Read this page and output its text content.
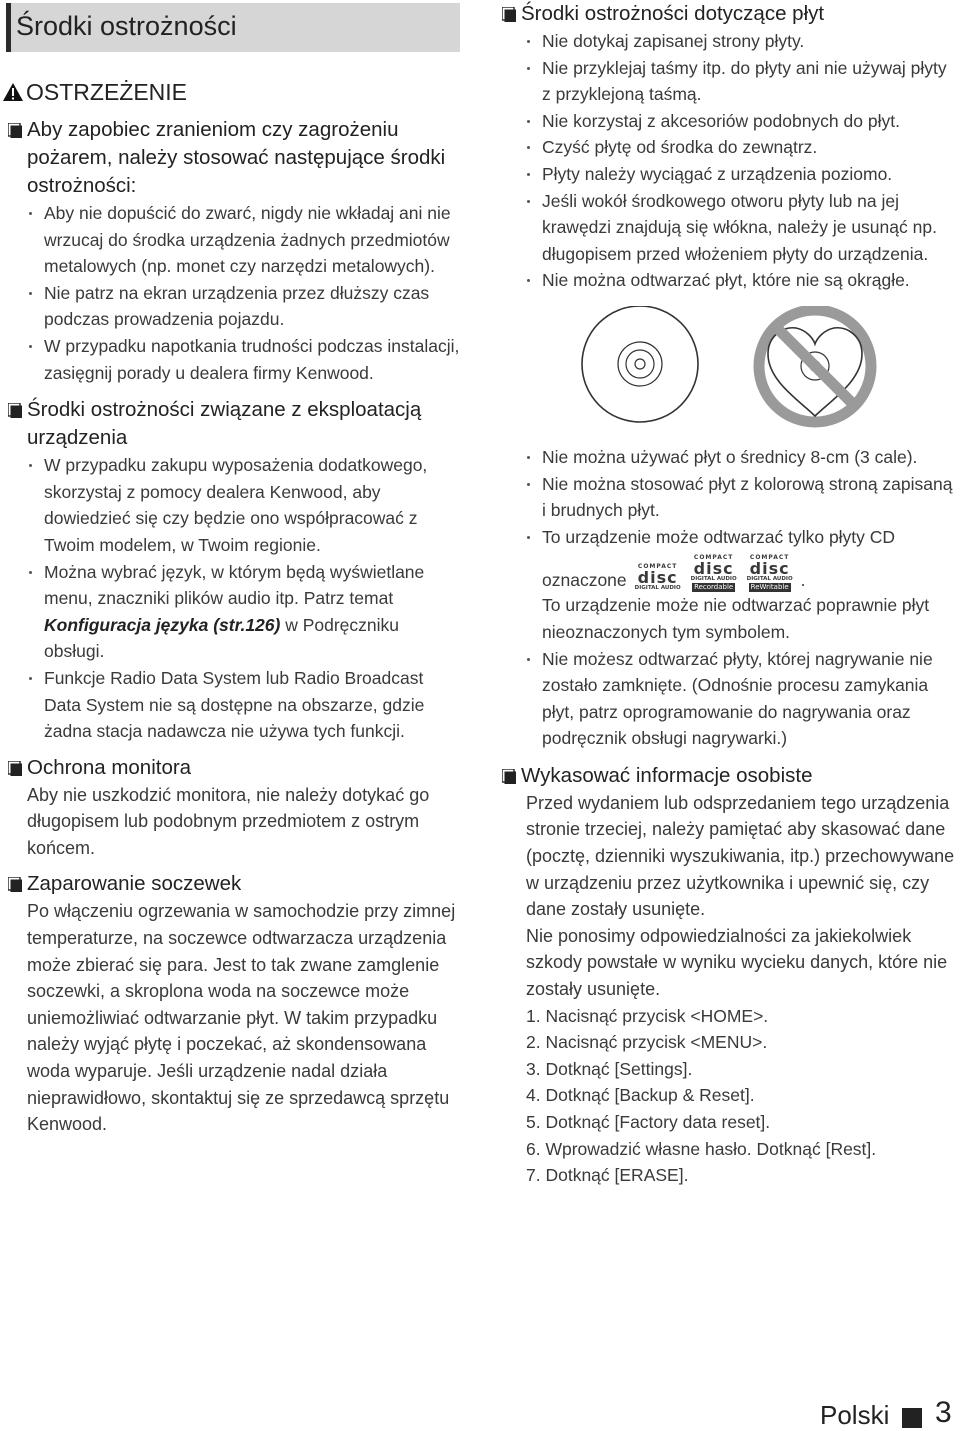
Środki ostrożności
OSTRZEŻENIE
Aby zapobiec zranieniom czy zagrożeniu pożarem, należy stosować następujące środki ostrożności:
Aby nie dopuścić do zwarć, nigdy nie wkładaj ani nie wrzucaj do środka urządzenia żadnych przedmiotów metalowych (np. monet czy narzędzi metalowych).
Nie patrz na ekran urządzenia przez dłuższy czas podczas prowadzenia pojazdu.
W przypadku napotkania trudności podczas instalacji, zasięgnij porady u dealera firmy Kenwood.
Środki ostrożności związane z eksploatacją urządzenia
W przypadku zakupu wyposażenia dodatkowego, skorzystaj z pomocy dealera Kenwood, aby dowiedzieć się czy będzie ono współpracować z Twoim modelem, w Twoim regionie.
Można wybrać język, w którym będą wyświetlane menu, znaczniki plików audio itp. Patrz temat Konfiguracja języka (str.126) w Podręczniku obsługi.
Funkcje Radio Data System lub Radio Broadcast Data System nie są dostępne na obszarze, gdzie żadna stacja nadawcza nie używa tych funkcji.
Ochrona monitora
Aby nie uszkodzić monitora, nie należy dotykać go długopisem lub podobnym przedmiotem z ostrym końcem.
Zaparowanie soczewek
Po włączeniu ogrzewania w samochodzie przy zimnej temperaturze, na soczewce odtwarzacza urządzenia może zbierać się para. Jest to tak zwane zamglenie soczewki, a skroplona woda na soczewce może uniemożliwiać odtwarzanie płyt. W takim przypadku należy wyjąć płytę i poczekać, aż skondensowana woda wyparuje. Jeśli urządzenie nadal działa nieprawidłowo, skontaktuj się ze sprzedawcą sprzętu Kenwood.
Środki ostrożności dotyczące płyt
Nie dotykaj zapisanej strony płyty.
Nie przyklejaj taśmy itp. do płyty ani nie używaj płyty z przyklejoną taśmą.
Nie korzystaj z akcesoriów podobnych do płyt.
Czyść płytę od środka do zewnątrz.
Płyty należy wyciągać z urządzenia poziomo.
Jeśli wokół środkowego otworu płyty lub na jej krawędzi znajdują się włókna, należy je usunąć np. długopisem przed włożeniem płyty do urządzenia.
Nie można odtwarzać płyt, które nie są okrągłe.
Nie można używać płyt o średnicy 8-cm (3 cale).
Nie można stosować płyt z kolorową stroną zapisaną i brudnych płyt.
To urządzenie może odtwarzać tylko płyty CD
oznaczone
COMPACT
disc
DIGITAL AUDIO
COMPACT
disc
DIGITAL AUDIO
Recordable
COMPACT
disc
DIGITAL AUDIO
ReWritable .
To urządzenie może nie odtwarzać poprawnie płyt nieoznaczonych tym symbolem.
Nie możesz odtwarzać płyty, której nagrywanie nie zostało zamknięte. (Odnośnie procesu zamykania płyt, patrz oprogramowanie do nagrywania oraz podręcznik obsługi nagrywarki.)
Wykasować informacje osobiste
Przed wydaniem lub odsprzedaniem tego urządzenia stronie trzeciej, należy pamiętać aby skasować dane (pocztę, dzienniki wyszukiwania, itp.) przechowywane w urządzeniu przez użytkownika i upewnić się, czy dane zostały usunięte.
Nie ponosimy odpowiedzialności za jakiekolwiek szkody powstałe w wyniku wycieku danych, które nie zostały usunięte.
1. Nacisnąć przycisk <HOME>.
2. Nacisnąć przycisk <MENU>.
3. Dotknąć [Settings].
4. Dotknąć [Backup & Reset].
5. Dotknąć [Factory data reset].
6. Wprowadzić własne hasło. Dotknąć [Rest].
7. Dotknąć [ERASE].
Polski 3
